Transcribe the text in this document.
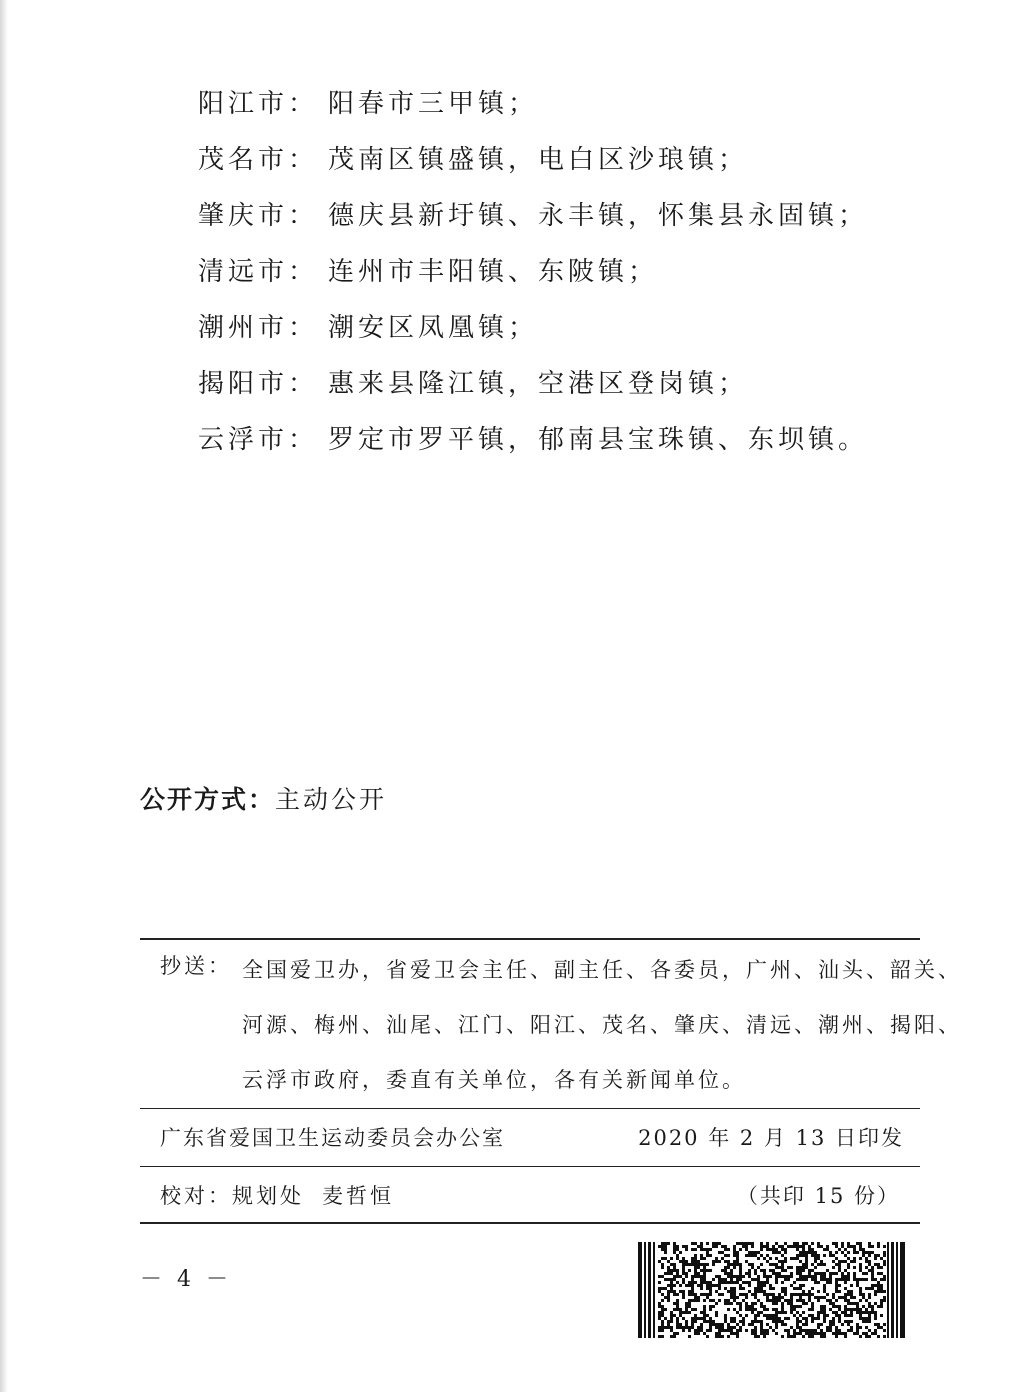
阳江市： 阳春市三甲镇；
茂名市： 茂南区镇盛镇，电白区沙琅镇；
肇庆市： 德庆县新圩镇、永丰镇，怀集县永固镇；
清远市： 连州市丰阳镇、东陂镇；
潮州市： 潮安区凤凰镇；
揭阳市： 惠来县隆江镇，空港区登岗镇；
云浮市： 罗定市罗平镇，郁南县宝珠镇、东坝镇。
公开方式：主动公开
抄送： 全国爱卫办，省爱卫会主任、副主任、各委员，广州、汕头、韶关、
河源、梅州、汕尾、江门、阳江、茂名、肇庆、清远、潮州、揭阳、
云浮市政府，委直有关单位，各有关新闻单位。
广东省爱国卫生运动委员会办公室	2020 年 2 月 13 日印发
校对：规划处 麦哲恒	（共印 15 份）
－ 4 －
